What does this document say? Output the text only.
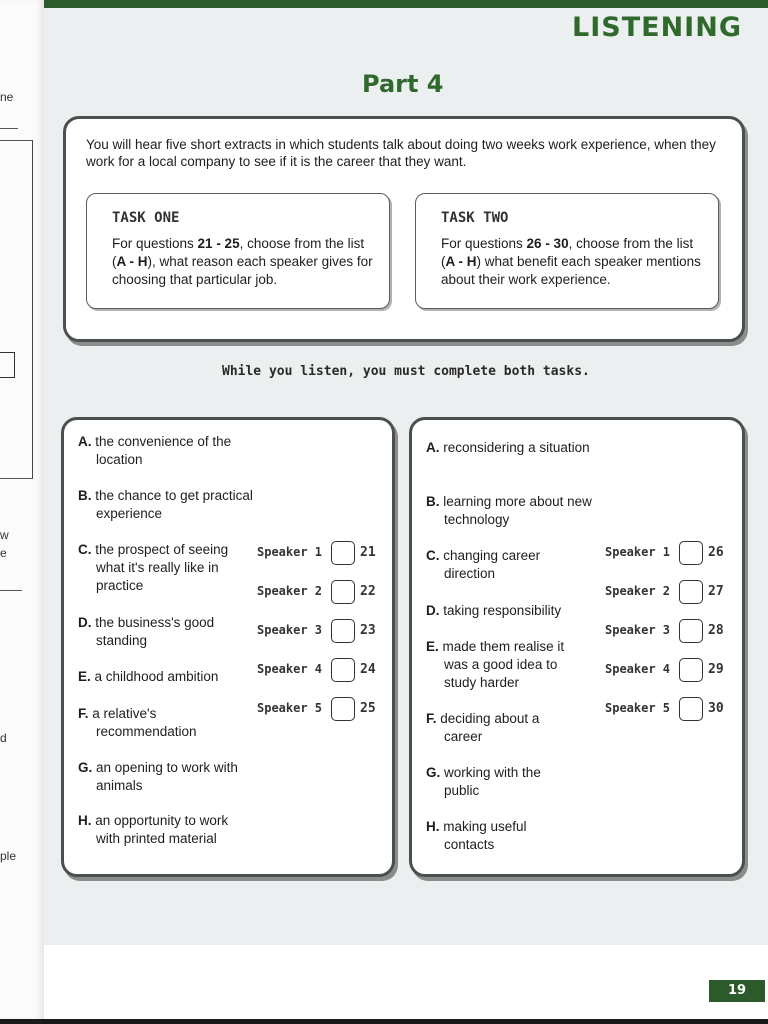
ne
w
e
d
ple
LISTENING
Part 4
You will hear five short extracts in which students talk about doing two weeks work experience, when they work for a local company to see if it is the career that they want.
TASK ONE
For questions 21 - 25, choose from the list (A - H), what reason each speaker gives for choosing that particular job.
TASK TWO
For questions 26 - 30, choose from the list (A - H) what benefit each speaker mentions about their work experience.
While you listen, you must complete both tasks.
A. the convenience of the location
B. the chance to get practical experience
C. the prospect of seeing what it's really like in practice
D. the business's good standing
E. a childhood ambition
F. a relative's recommendation
G. an opening to work with animals
H. an opportunity to work with printed material
Speaker 1	21
Speaker 2	22
Speaker 3	23
Speaker 4	24
Speaker 5	25
A. reconsidering a situation
B. learning more about new technology
C. changing career direction
D. taking responsibility
E. made them realise it was a good idea to study harder
F. deciding about a career
G. working with the public
H. making useful contacts
Speaker 1	26
Speaker 2	27
Speaker 3	28
Speaker 4	29
Speaker 5	30
19
